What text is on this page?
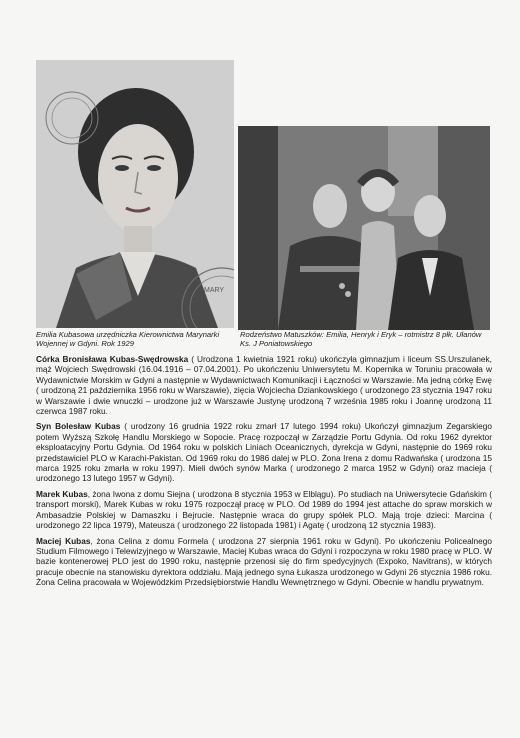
MARY
Emilia Kubasowa urzędniczka Kierownictwa Marynarki Wojennej w Gdyni. Rok 1929
Rodzeństwo Matuszków: Emilia, Henryk i Eryk – rotmistrz 8 płk. Ułanów Ks. J Poniatowskiego

Córka Bronisława Kubas-Swędrowska ( Urodzona 1 kwietnia 1921 roku) ukończyła gimnazjum i liceum SS.Urszulanek, mąż Wojciech Swędrowski (16.04.1916 – 07.04.2001). Po ukończeniu Uniwersytetu M. Kopernika w Toruniu pracowała w Wydawnictwie Morskim w Gdyni a następnie w Wydawnictwach Komunikacji i Łączności w Warszawie. Ma jedną córkę Ewę ( urodzoną 21 października 1956 roku w Warszawie), zięcia Wojciecha Dziankowskiego ( urodzonego 23 stycznia 1947 roku w Warszawie i dwie wnuczki – urodzone już w Warszawie Justynę urodzoną 7 września 1985 roku i Joannę urodzoną 11 czerwca 1987 roku.

Syn Bolesław Kubas ( urodzony 16 grudnia 1922 roku zmarł 17 lutego 1994 roku) Ukończył gimnazjum Zegarskiego potem Wyższą Szkołę Handlu Morskiego w Sopocie. Pracę rozpoczął w Zarządzie Portu Gdynia. Od roku 1962 dyrektor eksploatacyjny Portu Gdynia. Od 1964 roku w polskich Liniach Oceanicznych, dyrekcja w Gdyni, następnie do 1969 roku przedstawiciel PLO w Karachi-Pakistan. Od 1969 roku do 1986 dalej w PLO. Żona Irena z domu Radwańska ( urodzona 15 marca 1925 roku zmarła w roku 1997). Mieli dwóch synów Marka ( urodzonego 2 marca 1952 w Gdyni) oraz macieja ( urodzonego 13 lutego 1957 w Gdyni).

Marek Kubas, żona Iwona z domu Siejna ( urodzona 8 stycznia 1953 w Elblągu). Po studiach na Uniwersytecie Gdańskim ( transport morski), Marek Kubas w roku 1975 rozpoczął pracę w PLO. Od 1989 do 1994 jest attache do spraw morskich w Ambasadzie Polskiej w Damaszku i Bejrucie. Następnie wraca do grupy spółek PLO. Mają troje dzieci: Marcina ( urodzonego 22 lipca 1979), Mateusza ( urodzonego 22 listopada 1981) i Agatę ( urodzoną 12 stycznia 1983).

Maciej Kubas, żona Celina z domu Formela ( urodzona 27 sierpnia 1961 roku w Gdyni). Po ukończeniu Policealnego Studium Filmowego i Telewizyjnego w Warszawie, Maciej Kubas wraca do Gdyni i rozpoczyna w roku 1980 pracę w PLO. W bazie kontenerowej PLO jest do 1990 roku, następnie przenosi się do firm spedycyjnych (Expoko, Navitrans), w których pracuje obecnie na stanowisku dyrektora oddziału. Mają jednego syna Łukasza urodzonego w Gdyni 26 stycznia 1986 roku. Żona Celina pracowała w Wojewódzkim Przedsiębiorstwie Handlu Wewnętrznego w Gdyni. Obecnie w handlu prywatnym.
